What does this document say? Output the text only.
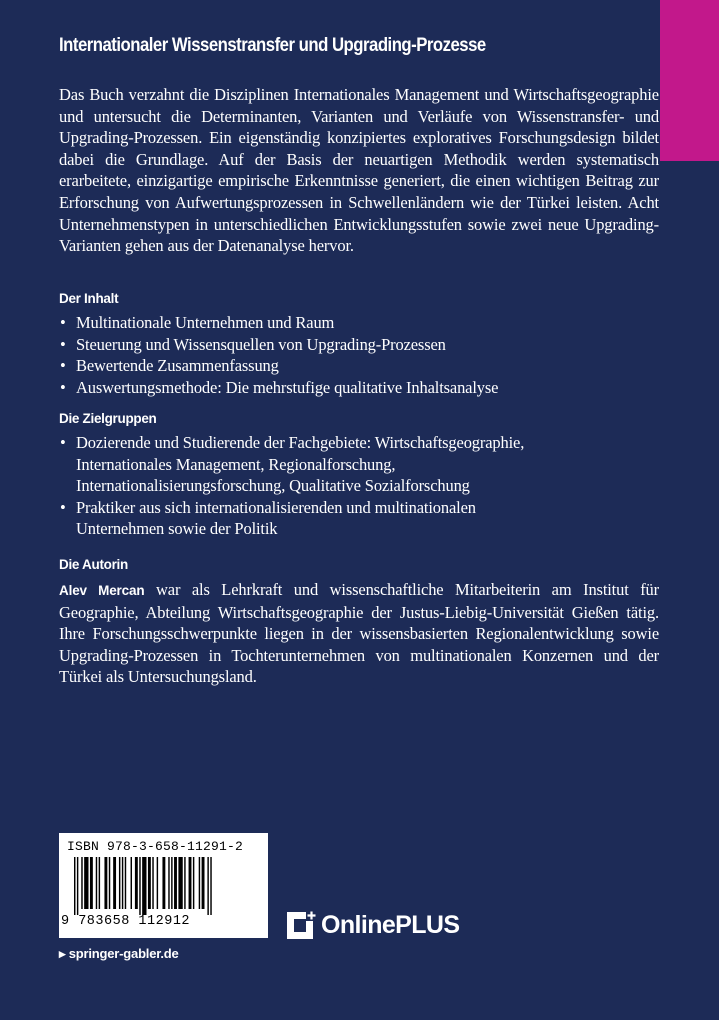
Internationaler Wissenstransfer und Upgrading-Prozesse

Das Buch verzahnt die Disziplinen Internationales Management und Wirtschaftsgeographie und untersucht die Determinanten, Varianten und Verläufe von Wissenstransfer- und Upgrading-Prozessen. Ein eigenständig konzipiertes exploratives Forschungsdesign bildet dabei die Grundlage. Auf der Basis der neuartigen Methodik werden systematisch erarbeitete, einzigartige empirische Erkenntnisse generiert, die einen wichtigen Beitrag zur Erforschung von Aufwertungsprozessen in Schwellenländern wie der Türkei leisten. Acht Unternehmenstypen in unterschiedlichen Entwicklungsstufen sowie zwei neue Upgrading-Varianten gehen aus der Datenanalyse hervor.

Der Inhalt

• Multinationale Unternehmen und Raum
• Steuerung und Wissensquellen von Upgrading-Prozessen
• Bewertende Zusammenfassung
• Auswertungsmethode: Die mehrstufige qualitative Inhaltsanalyse

Die Zielgruppen

• Dozierende und Studierende der Fachgebiete: Wirtschaftsgeographie,
Internationales Management, Regionalforschung,
Internationalisierungsforschung, Qualitative Sozialforschung
• Praktiker aus sich internationalisierenden und multinationalen
Unternehmen sowie der Politik

Die Autorin

Alev Mercan war als Lehrkraft und wissenschaftliche Mitarbeiterin am Institut für Geographie, Abteilung Wirtschaftsgeographie der Justus-Liebig-Universität Gießen tätig. Ihre Forschungsschwerpunkte liegen in der wissensbasierten Regionalentwicklung sowie Upgrading-Prozessen in Tochterunternehmen von multinationalen Konzernen und der Türkei als Untersuchungsland.

ISBN 978-3-658-11291-2
9 783658 112912
▸ springer-gabler.de
OnlinePLUS
